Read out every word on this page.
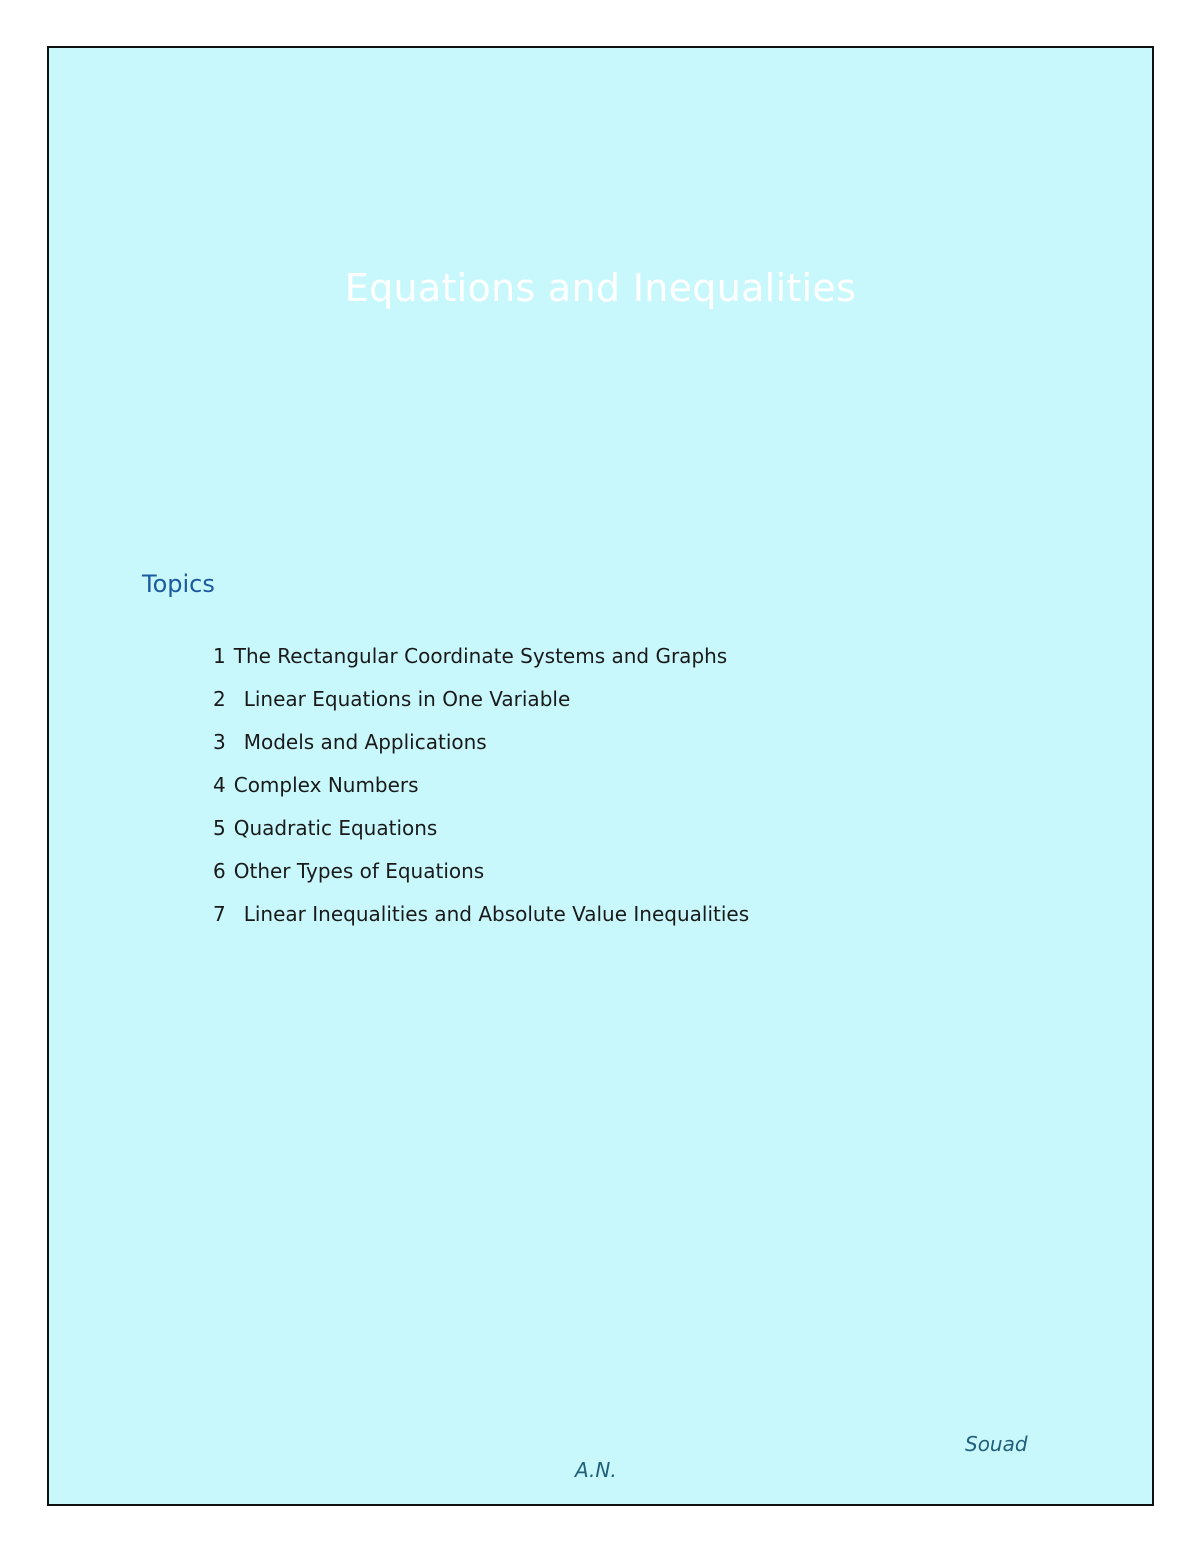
Equations and Inequalities
Topics
1 The Rectangular Coordinate Systems and Graphs
2 Linear Equations in One Variable
3 Models and Applications
4 Complex Numbers
5 Quadratic Equations
6 Other Types of Equations
7 Linear Inequalities and Absolute Value Inequalities
Souad
A.N.
